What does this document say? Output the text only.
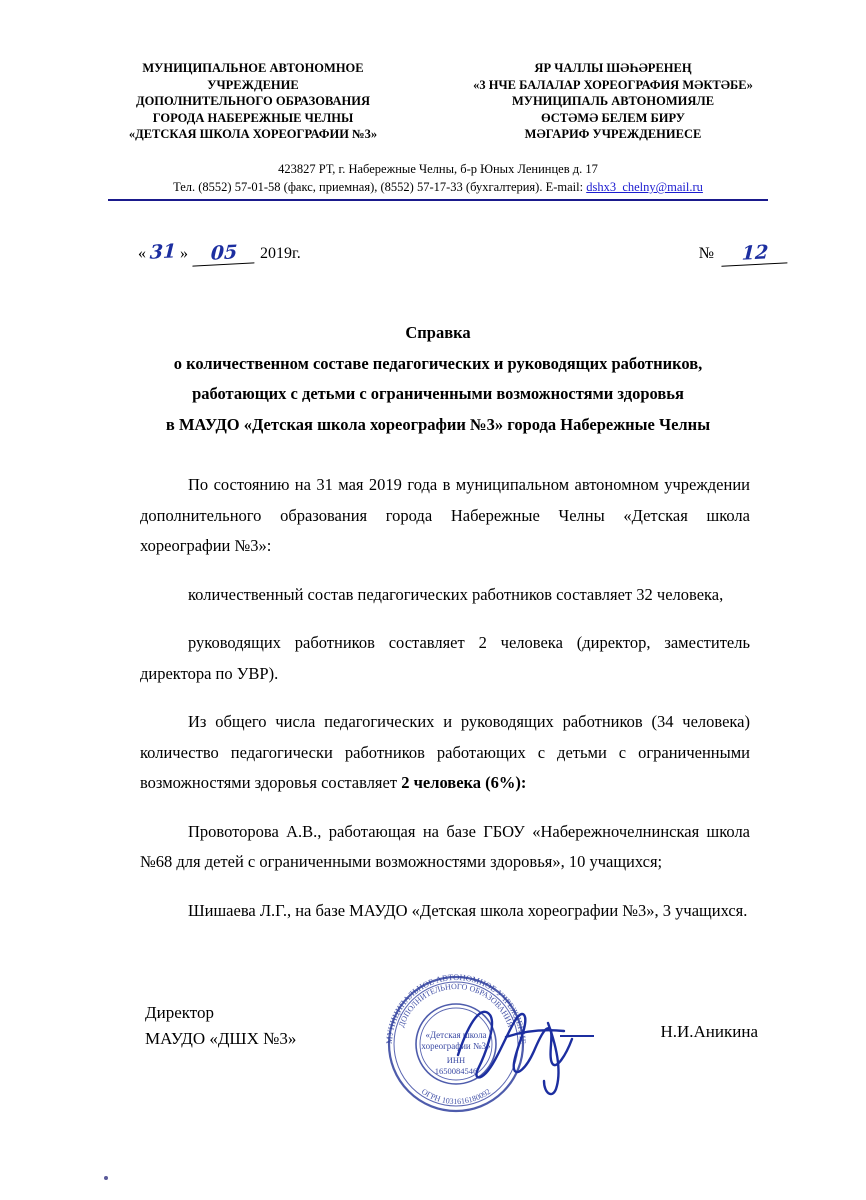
МУНИЦИПАЛЬНОЕ АВТОНОМНОЕ
УЧРЕЖДЕНИЕ
ДОПОЛНИТЕЛЬНОГО ОБРАЗОВАНИЯ
ГОРОДА НАБЕРЕЖНЫЕ ЧЕЛНЫ
«ДЕТСКАЯ ШКОЛА ХОРЕОГРАФИИ №3»
ЯР ЧАЛЛЫ ШӘҺӘРЕНЕҢ
«3 НЧЕ БАЛАЛАР ХОРЕОГРАФИЯ МӘКТӘБЕ»
МУНИЦИПАЛЬ АВТОНОМИЯЛЕ
ӨСТӘМӘ БЕЛЕМ БИРУ
МӘГАРИФ УЧРЕЖДЕНИЕСЕ
423827 РТ, г. Набережные Челны, б-р Юных Ленинцев д. 17
Тел. (8552) 57-01-58 (факс, приемная), (8552) 57-17-33 (бухгалтерия). E-mail: dshx3_chelny@mail.ru
« 31 »	05	2019г.	№	12
Справка
о количественном составе педагогических и руководящих работников,
работающих с детьми с ограниченными возможностями здоровья
в МАУДО «Детская школа хореографии №3» города Набережные Челны

По состоянию на 31 мая 2019 года в муниципальном автономном учреждении дополнительного образования города Набережные Челны «Детская школа хореографии №3»:

количественный состав педагогических работников составляет 32 человека,

руководящих работников составляет 2 человека (директор, заместитель директора по УВР).

Из общего числа педагогических и руководящих работников (34 человека) количество педагогически работников работающих с детьми с ограниченными возможностями здоровья составляет 2 человека (6%):

Провоторова А.В., работающая на базе ГБОУ «Набережночелнинская школа №68 для детей с ограниченными возможностями здоровья», 10 учащихся;

Шишаева Л.Г., на базе МАУДО «Детская школа хореографии №3», 3 учащихся.

Директор
МАУДО «ДШХ №3»	Н.И.Аникина
МУНИЦИПАЛЬНОЕ АВТОНОМНОЕ УЧРЕЖДЕНИЕ
ДОПОЛНИТЕЛЬНОГО ОБРАЗОВАНИЯ
ОГРН 1031616180092
«Детская школа
хореографии №3»
ИНН
1650084546
